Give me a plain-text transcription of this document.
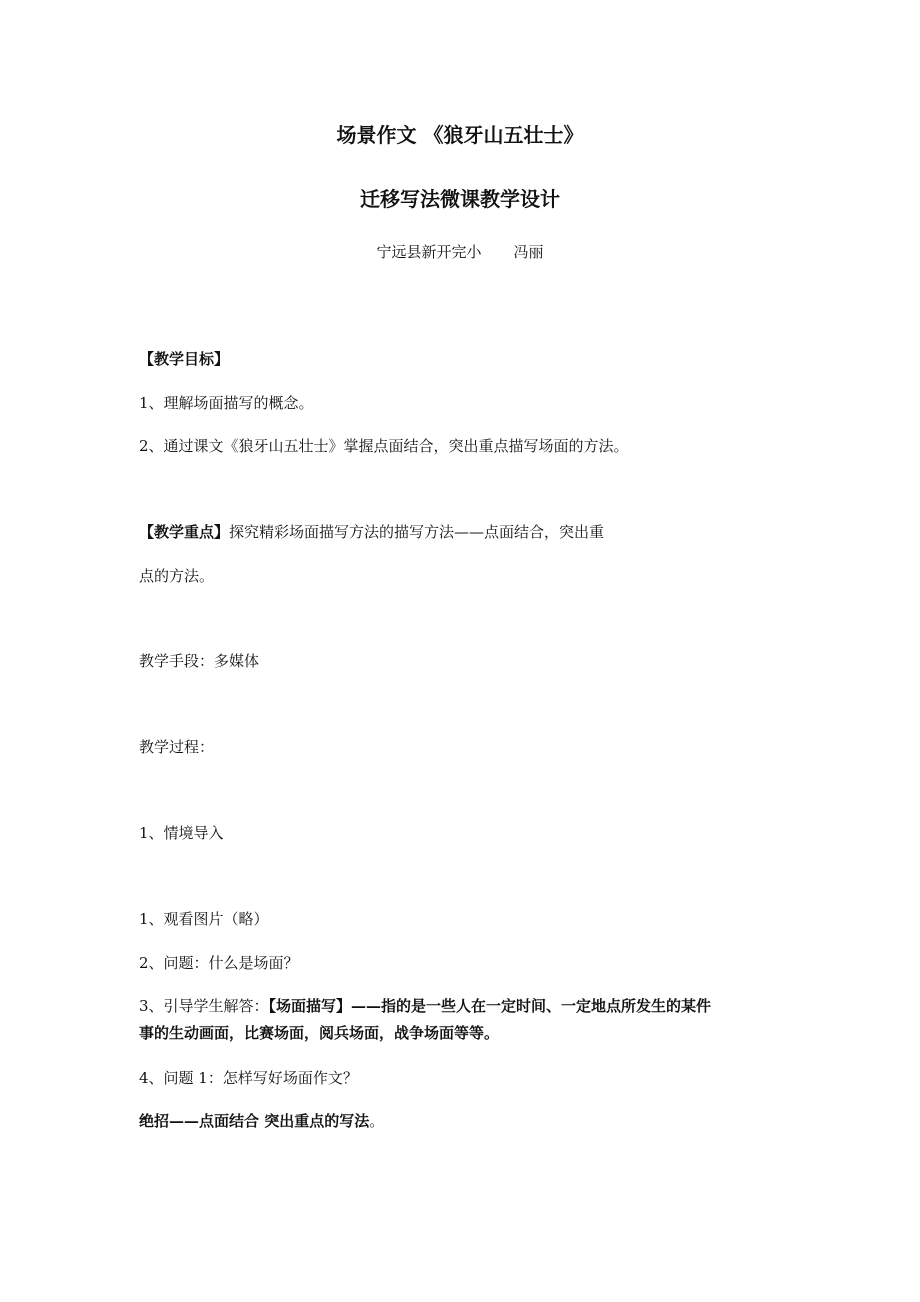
场景作文 《狼牙山五壮士》
迁移写法微课教学设计
宁远县新开完小 冯丽
【教学目标】
1、理解场面描写的概念。
2、通过课文《狼牙山五壮士》掌握点面结合，突出重点描写场面的方法。
【教学重点】探究精彩场面描写方法的描写方法——点面结合，突出重
点的方法。
教学手段：多媒体
教学过程：
1、情境导入
1、观看图片（略）
2、问题：什么是场面？
3、引导学生解答：【场面描写】——指的是一些人在一定时间、一定地点所发生的某件
事的生动画面，比赛场面，阅兵场面，战争场面等等。
4、问题 1：怎样写好场面作文？
绝招——点面结合 突出重点的写法。
